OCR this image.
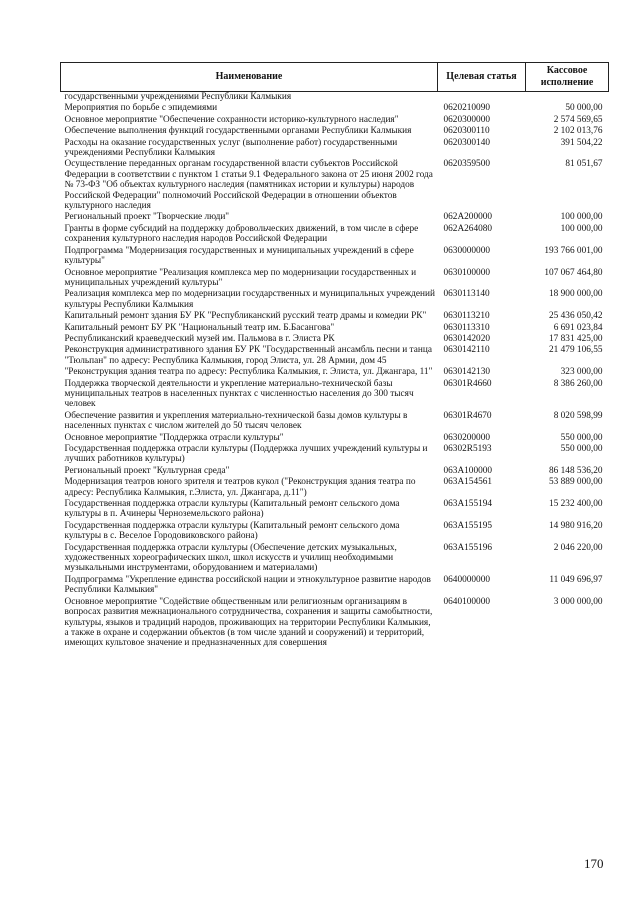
Наименование	Целевая статья	Кассовое исполнение
государственными учреждениями Республики Калмыкия		
Мероприятия по борьбе с эпидемиями	0620210090	50 000,00
Основное мероприятие "Обеспечение сохранности историко-культурного наследия"	0620300000	2 574 569,65
Обеспечение выполнения функций государственными органами Республики Калмыкия	0620300110	2 102 013,76
Расходы на оказание государственных услуг (выполнение работ) государственными учреждениями Республики Калмыкия	0620300140	391 504,22
Осуществление переданных органам государственной власти субъектов Российской Федерации в соответствии с пунктом 1 статьи 9.1 Федерального закона от 25 июня 2002 года № 73-ФЗ "Об объектах культурного наследия (памятниках истории и культуры) народов Российской Федерации" полномочий Российской Федерации в отношении объектов культурного наследия	0620359500	81 051,67
Региональный проект "Творческие люди"	062А200000	100 000,00
Гранты в форме субсидий на поддержку добровольческих движений, в том числе в сфере сохранения культурного наследия народов Российской Федерации	062А264080	100 000,00
Подпрограмма "Модернизация государственных и муниципальных учреждений в сфере культуры"	0630000000	193 766 001,00
Основное мероприятие "Реализация комплекса мер по модернизации государственных и муниципальных учреждений культуры"	0630100000	107 067 464,80
Реализация комплекса мер по модернизации государственных и муниципальных учреждений культуры Республики Калмыкия	0630113140	18 900 000,00
Капитальный ремонт здания БУ РК "Республиканский русский театр драмы и комедии РК"	0630113210	25 436 050,42
Капитальный ремонт БУ РК "Национальный театр им. Б.Басангова"	0630113310	6 691 023,84
Республиканский краеведческий музей им. Пальмова в г. Элиста РК	0630142020	17 831 425,00
Реконструкция административного здания БУ РК "Государственный ансамбль песни и танца "Тюльпан" по адресу: Республика Калмыкия, город Элиста, ул. 28 Армии, дом 45	0630142110	21 479 106,55
"Реконструкция здания театра по адресу: Республика Калмыкия, г. Элиста, ул. Джангара, 11"	0630142130	323 000,00
Поддержка творческой деятельности и укрепление материально-технической базы муниципальных театров в населенных пунктах с численностью населения до 300 тысяч человек	06301R4660	8 386 260,00
Обеспечение развития и укрепления материально-технической базы домов культуры в населенных пунктах с числом жителей до 50 тысяч человек	06301R4670	8 020 598,99
Основное мероприятие "Поддержка отрасли культуры"	0630200000	550 000,00
Государственная поддержка отрасли культуры (Поддержка лучших учреждений культуры и лучших работников культуры)	06302R5193	550 000,00
Региональный проект "Культурная среда"	063А100000	86 148 536,20
Модернизация театров юного зрителя и театров кукол ("Реконструкция здания театра по адресу: Республика Калмыкия, г.Элиста, ул. Джангара, д.11")	063А154561	53 889 000,00
Государственная поддержка отрасли культуры (Капитальный ремонт сельского дома культуры в п. Ачинеры Черноземельского района)	063А155194	15 232 400,00
Государственная поддержка отрасли культуры (Капитальный ремонт сельского дома культуры в с. Веселое Городовиковского района)	063А155195	14 980 916,20
Государственная поддержка отрасли культуры (Обеспечение детских музыкальных, художественных хореографических школ, школ искусств и училищ необходимыми музыкальными инструментами, оборудованием и материалами)	063А155196	2 046 220,00
Подпрограмма "Укрепление единства российской нации и этнокультурное развитие народов Республики Калмыкия"	0640000000	11 049 696,97
Основное мероприятие "Содействие общественным или религиозным организациям в вопросах развития межнационального сотрудничества, сохранения и защиты самобытности, культуры, языков и традиций народов, проживающих на территории Республики Калмыкия, а также в охране и содержании объектов (в том числе зданий и сооружений) и территорий, имеющих культовое значение и предназначенных для совершения	0640100000	3 000 000,00
170
